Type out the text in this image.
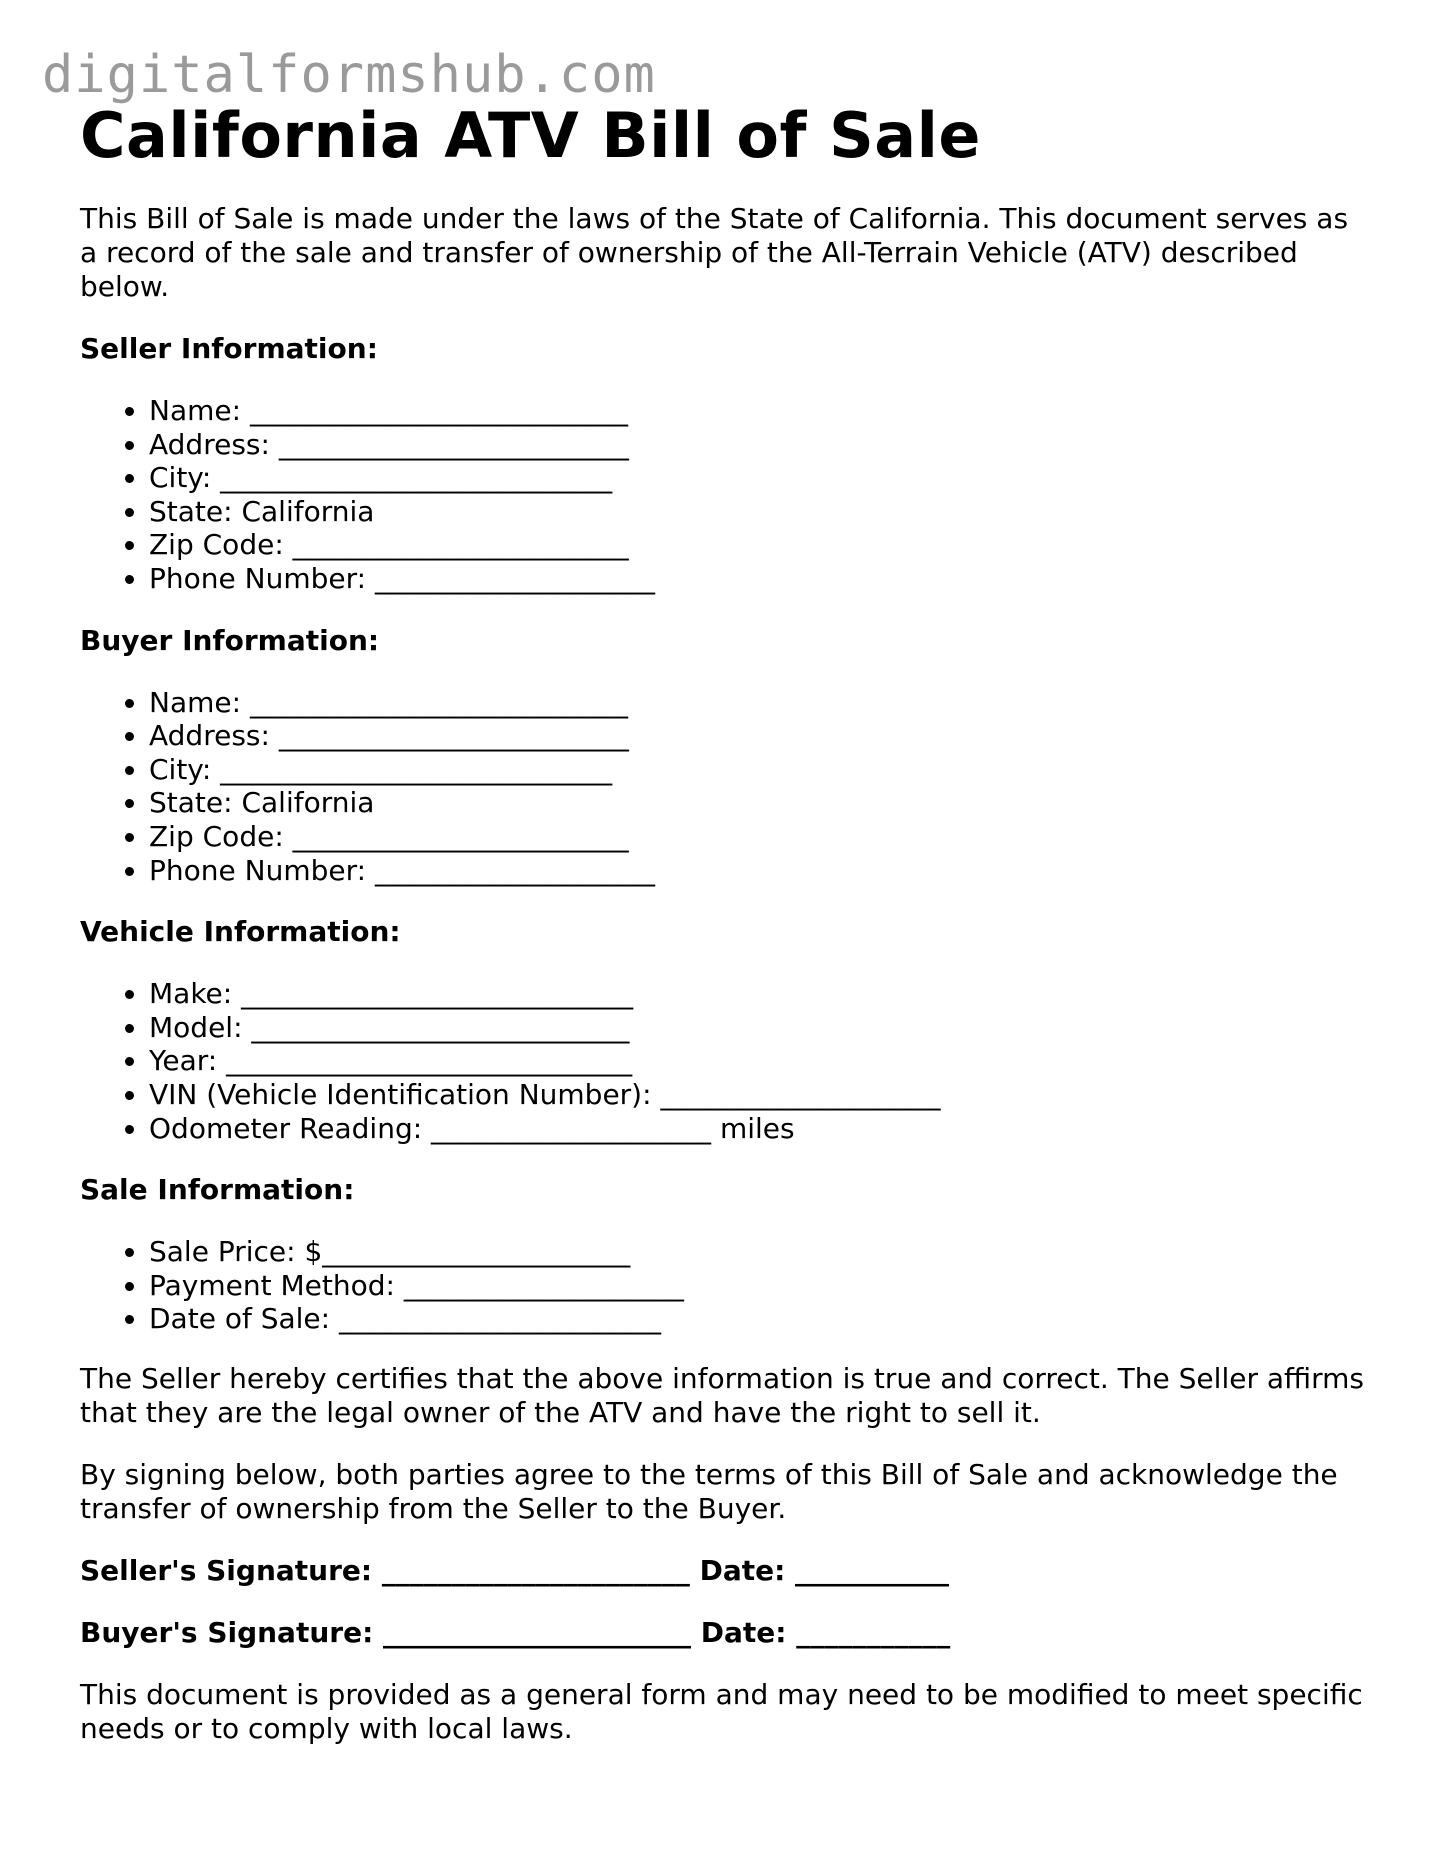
digitalformshub.com
California ATV Bill of Sale

This Bill of Sale is made under the laws of the State of California. This document serves as a record of the sale and transfer of ownership of the All-Terrain Vehicle (ATV) described below.

Seller Information:
• Name: ___________________________
• Address: _________________________
• City: ____________________________
• State: California
• Zip Code: ________________________
• Phone Number: ____________________
Buyer Information:
• Name: ___________________________
• Address: _________________________
• City: ____________________________
• State: California
• Zip Code: ________________________
• Phone Number: ____________________
Vehicle Information:
• Make: ____________________________
• Model: ___________________________
• Year: _____________________________
• VIN (Vehicle Identification Number): ____________________
• Odometer Reading: ____________________ miles
Sale Information:
• Sale Price: $______________________
• Payment Method: ____________________
• Date of Sale: _______________________

The Seller hereby certifies that the above information is true and correct. The Seller affirms that they are the legal owner of the ATV and have the right to sell it.

By signing below, both parties agree to the terms of this Bill of Sale and acknowledge the transfer of ownership from the Seller to the Buyer.

Seller's Signature: ______________________ Date: ___________

Buyer's Signature: ______________________ Date: ___________

This document is provided as a general form and may need to be modified to meet specific needs or to comply with local laws.
